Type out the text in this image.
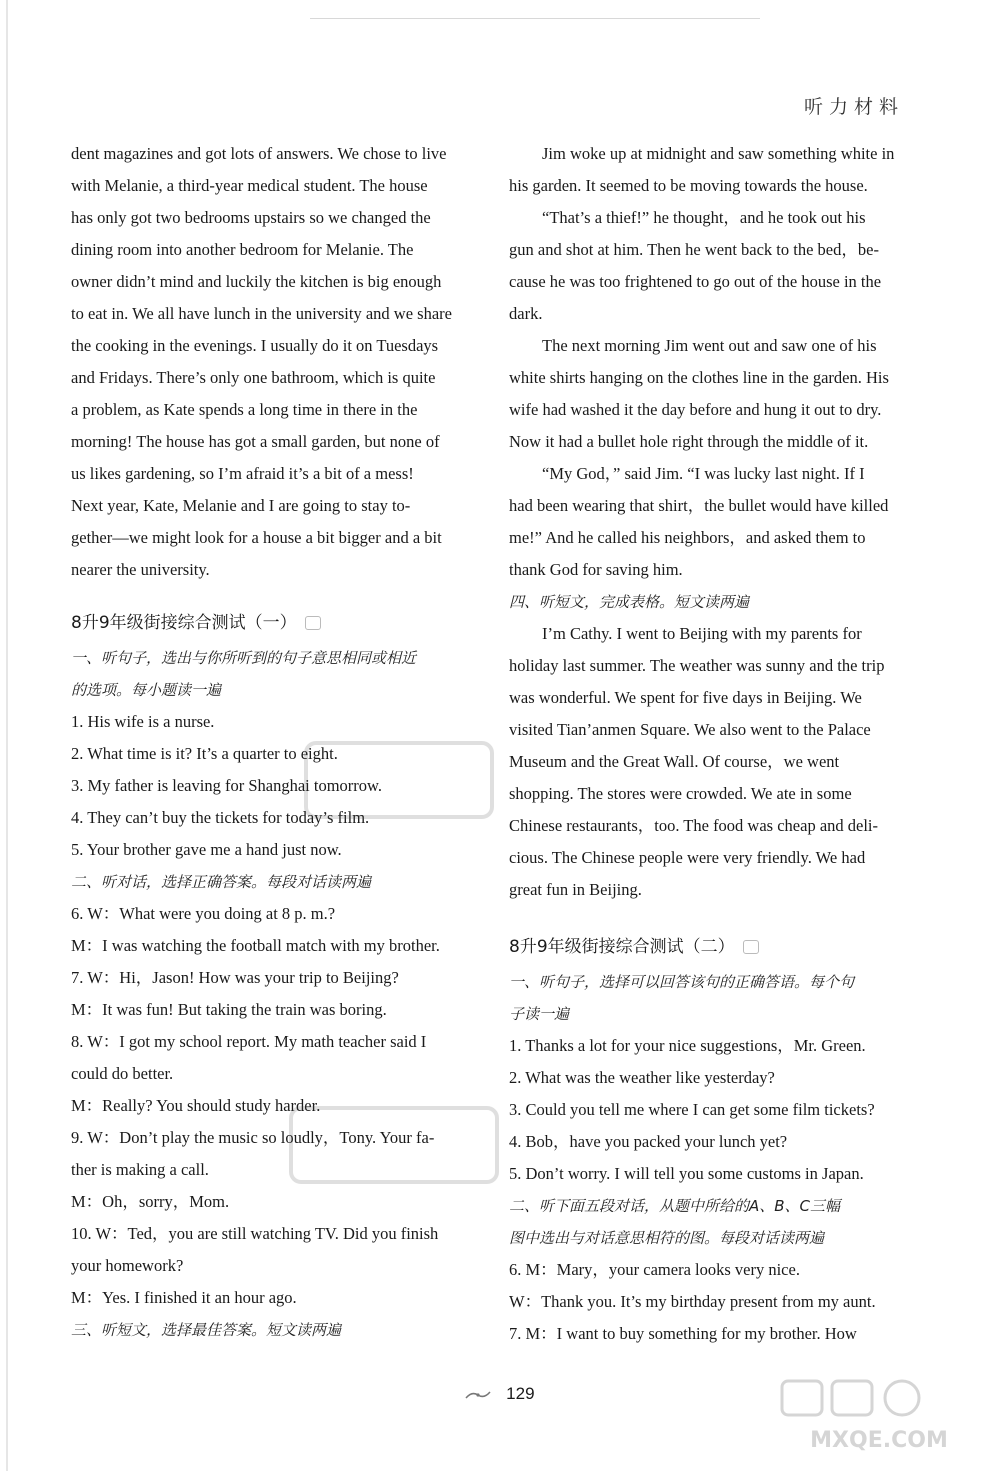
听力材料

dent magazines and got lots of answers. We chose to live
with Melanie, a third-year medical student. The house
has only got two bedrooms upstairs so we changed the
dining room into another bedroom for Melanie. The
owner didn’t mind and luckily the kitchen is big enough
to eat in. We all have lunch in the university and we share
the cooking in the evenings. I usually do it on Tuesdays
and Fridays. There’s only one bathroom, which is quite
a problem, as Kate spends a long time in there in the
morning! The house has got a small garden, but none of
us likes gardening, so I’m afraid it’s a bit of a mess!
Next year, Kate, Melanie and I are going to stay to-
gether—we might look for a house a bit bigger and a bit
nearer the university.

8升9年级街接综合测试（一）
一、听句子，选出与你所听到的句子意思相同或相近
的选项。每小题读一遍
1. His wife is a nurse.
2. What time is it? It’s a quarter to eight.
3. My father is leaving for Shanghai tomorrow.
4. They can’t buy the tickets for today’s film.
5. Your brother gave me a hand just now.
二、听对话，选择正确答案。每段对话读两遍
6. W：What were you doing at 8 p. m.?
M：I was watching the football match with my brother.
7. W：Hi，Jason! How was your trip to Beijing?
M：It was fun! But taking the train was boring.
8. W：I got my school report. My math teacher said I
could do better.
M：Really? You should study harder.
9. W：Don’t play the music so loudly，Tony. Your fa-
ther is making a call.
M：Oh，sorry，Mom.
10. W：Ted，you are still watching TV. Did you finish
your homework?
M：Yes. I finished it an hour ago.
三、听短文，选择最佳答案。短文读两遍

Jim woke up at midnight and saw something white in
his garden. It seemed to be moving towards the house.

“That’s a thief!” he thought，and he took out his
gun and shot at him. Then he went back to the bed，be-
cause he was too frightened to go out of the house in the
dark.

The next morning Jim went out and saw one of his
white shirts hanging on the clothes line in the garden. His
wife had washed it the day before and hung it out to dry.
Now it had a bullet hole right through the middle of it.

“My God，” said Jim. “I was lucky last night. If I
had been wearing that shirt，the bullet would have killed
me!” And he called his neighbors，and asked them to
thank God for saving him.

四、听短文，完成表格。短文读两遍

I’m Cathy. I went to Beijing with my parents for
holiday last summer. The weather was sunny and the trip
was wonderful. We spent for five days in Beijing. We
visited Tian’anmen Square. We also went to the Palace
Museum and the Great Wall. Of course，we went
shopping. The stores were crowded. We ate in some
Chinese restaurants，too. The food was cheap and deli-
cious. The Chinese people were very friendly. We had
great fun in Beijing.

8升9年级街接综合测试（二）
一、听句子，选择可以回答该句的正确答语。每个句
子读一遍
1. Thanks a lot for your nice suggestions，Mr. Green.
2. What was the weather like yesterday?
3. Could you tell me where I can get some film tickets?
4. Bob，have you packed your lunch yet?
5. Don’t worry. I will tell you some customs in Japan.
二、听下面五段对话，从题中所给的A、B、C三幅
图中选出与对话意思相符的图。每段对话读两遍
6. M：Mary，your camera looks very nice.
W：Thank you. It’s my birthday present from my aunt.
7. M：I want to buy something for my brother. How
129
MXQE.COM
